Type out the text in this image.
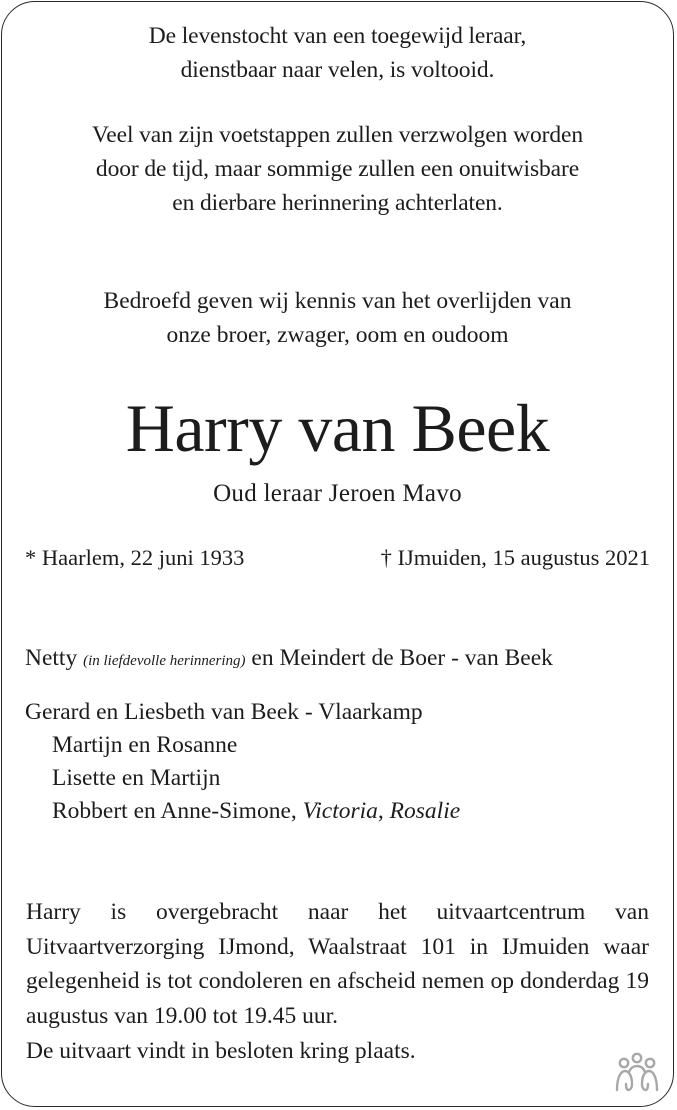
De levenstocht van een toegewijd leraar,
dienstbaar naar velen, is voltooid.
Veel van zijn voetstappen zullen verzwolgen worden
door de tijd, maar sommige zullen een onuitwisbare
en dierbare herinnering achterlaten.
Bedroefd geven wij kennis van het overlijden van
onze broer, zwager, oom en oudoom
Harry van Beek
Oud leraar Jeroen Mavo
* Haarlem, 22 juni 1933	† IJmuiden, 15 augustus 2021
Netty (in liefdevolle herinnering) en Meindert de Boer - van Beek
Gerard en Liesbeth van Beek - Vlaarkamp
Martijn en Rosanne
Lisette en Martijn
Robbert en Anne-Simone, Victoria, Rosalie
Harry is overgebracht naar het uitvaartcentrum van Uitvaartverzorging IJmond, Waalstraat 101 in IJmuiden waar gelegenheid is tot condoleren en afscheid nemen op donderdag 19 augustus van 19.00 tot 19.45 uur.
De uitvaart vindt in besloten kring plaats.
